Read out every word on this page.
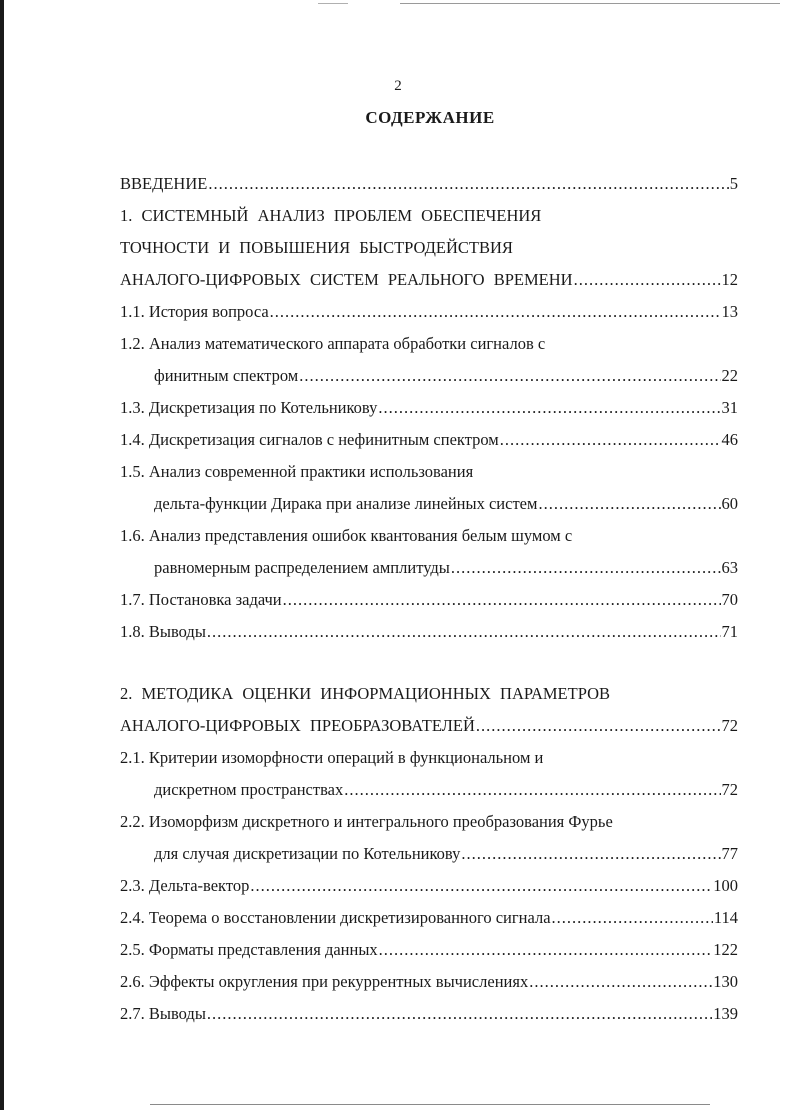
2
СОДЕРЖАНИЕ
ВВЕДЕНИЕ .....	5
1. СИСТЕМНЫЙ АНАЛИЗ ПРОБЛЕМ ОБЕСПЕЧЕНИЯ
ТОЧНОСТИ И ПОВЫШЕНИЯ БЫСТРОДЕЙСТВИЯ
АНАЛОГО-ЦИФРОВЫХ СИСТЕМ РЕАЛЬНОГО ВРЕМЕНИ .....	12
1.1. История вопроса .....	13
1.2. Анализ математического аппарата обработки сигналов с
финитным спектром .....	22
1.3. Дискретизация по Котельникову .....	31
1.4. Дискретизация сигналов с нефинитным спектром .....	46
1.5. Анализ современной практики использования
дельта-функции Дирака при анализе линейных систем .....	60
1.6. Анализ представления ошибок квантования белым шумом с
равномерным распределением амплитуды .....	63
1.7. Постановка задачи .....	70
1.8. Выводы .....	71
2. МЕТОДИКА ОЦЕНКИ ИНФОРМАЦИОННЫХ ПАРАМЕТРОВ
АНАЛОГО-ЦИФРОВЫХ ПРЕОБРАЗОВАТЕЛЕЙ .....	72
2.1. Критерии изоморфности операций в функциональном и
дискретном пространствах .....	72
2.2. Изоморфизм дискретного и интегрального преобразования Фурье
для случая дискретизации по Котельникову .....	77
2.3. Дельта-вектор .....	100
2.4. Теорема о восстановлении дискретизированного сигнала .....	114
2.5. Форматы представления данных .....	122
2.6. Эффекты округления при рекуррентных вычислениях .....	130
2.7. Выводы .....	139
